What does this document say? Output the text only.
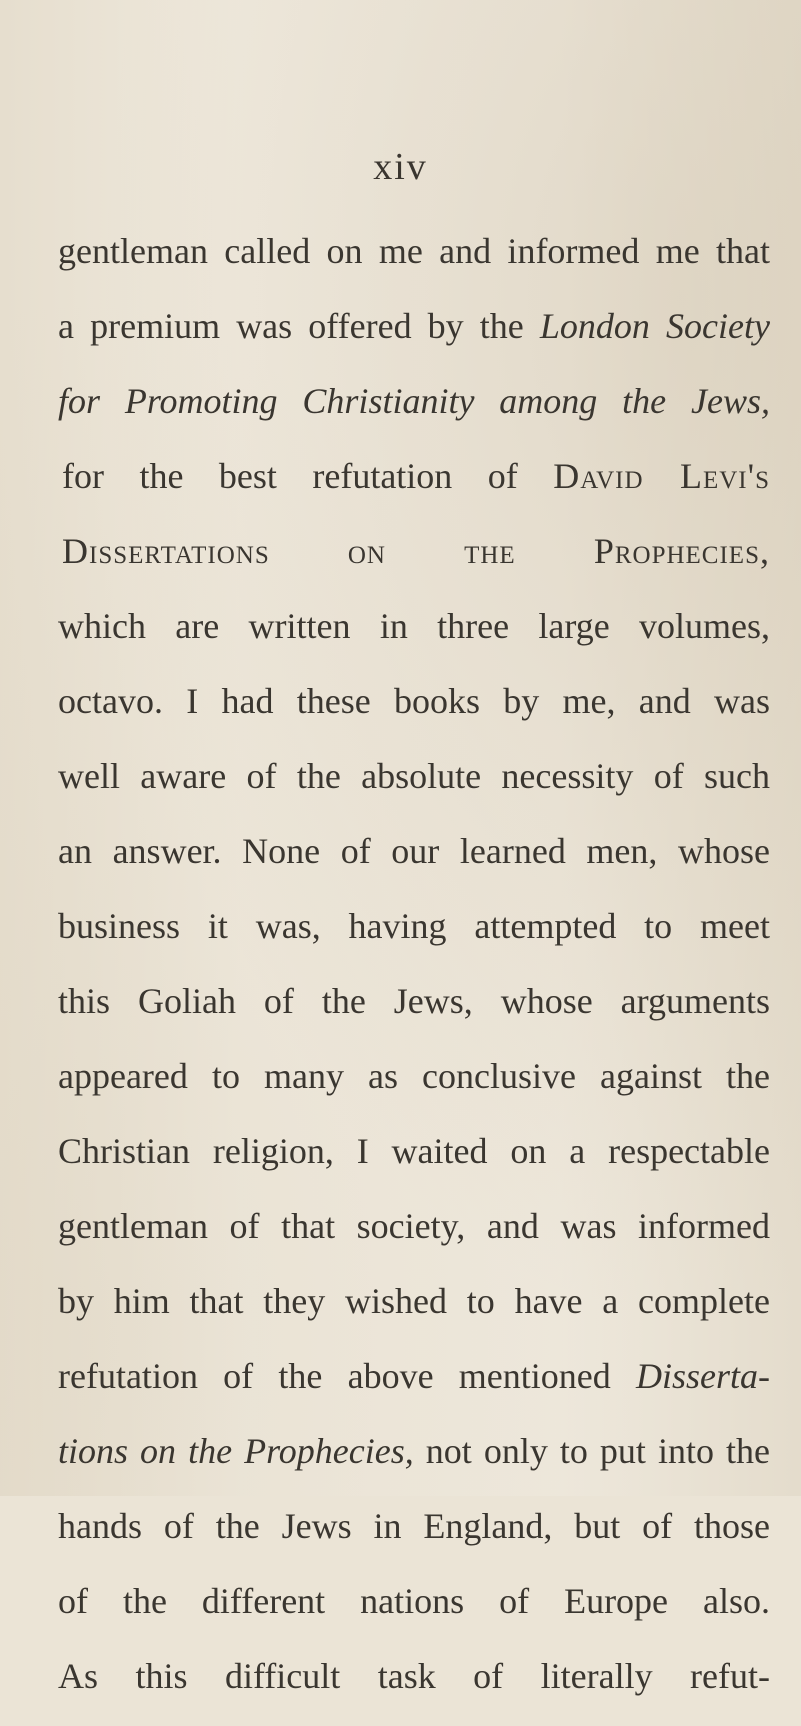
xiv
gentleman called on me and informed me that
a premium was offered by the London Society
for Promoting Christianity among the Jews,
for the best refutation of David Levi's
Dissertations on the Prophecies,
which are written in three large volumes,
octavo. I had these books by me, and was
well aware of the absolute necessity of such
an answer. None of our learned men, whose
business it was, having attempted to meet
this Goliah of the Jews, whose arguments
appeared to many as conclusive against the
Christian religion, I waited on a respectable
gentleman of that society, and was informed
by him that they wished to have a complete
refutation of the above mentioned Disserta-
tions on the Prophecies, not only to put into the
hands of the Jews in England, but of those
of the different nations of Europe also.
As this difficult task of literally refut-
